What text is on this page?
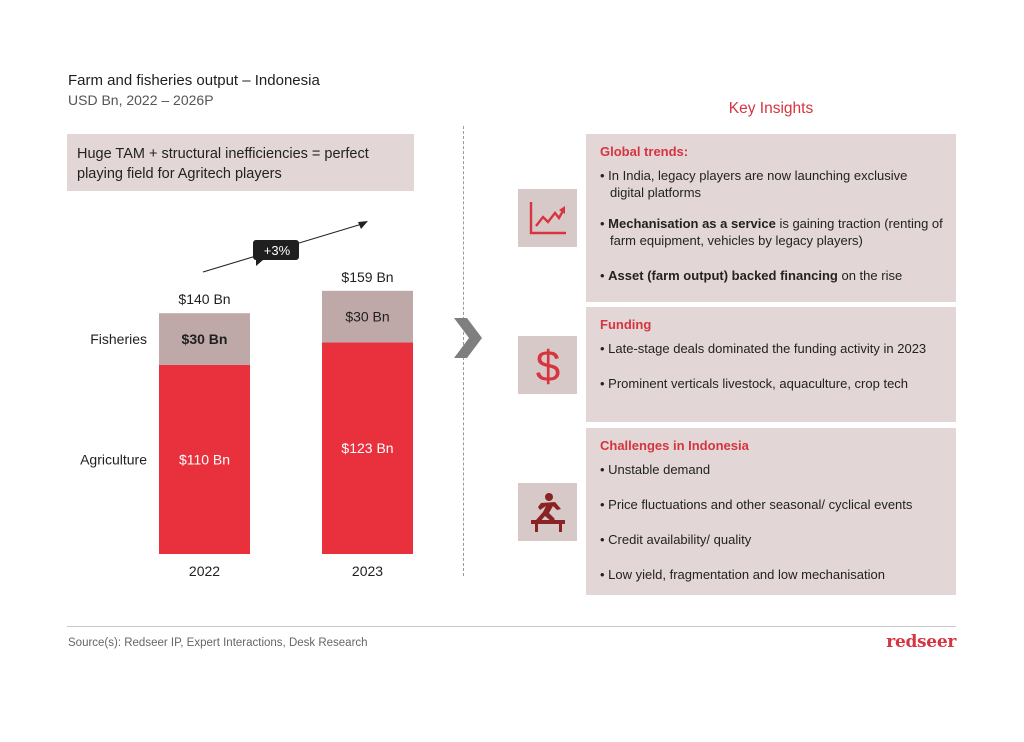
Farm and fisheries output – Indonesia
USD Bn, 2022 – 2026P
Huge TAM + structural inefficiencies = perfect playing field for Agritech players
$110 Bn
$30 Bn
$140 Bn
2022
$123 Bn
$30 Bn
$159 Bn
2023
Agriculture
Fisheries
+3%
Key Insights
Global trends:
• In India, legacy players are now launching exclusive digital platforms
• Mechanisation as a service is gaining traction (renting of farm equipment, vehicles by legacy players)
• Asset (farm output) backed financing on the rise
Funding
• Late-stage deals dominated the funding activity in 2023
• Prominent verticals livestock, aquaculture, crop tech
Challenges in Indonesia
• Unstable demand
• Price fluctuations and other seasonal/ cyclical events
• Credit availability/ quality
• Low yield, fragmentation and low mechanisation
$
Source(s): Redseer IP, Expert Interactions, Desk Research	redseer
